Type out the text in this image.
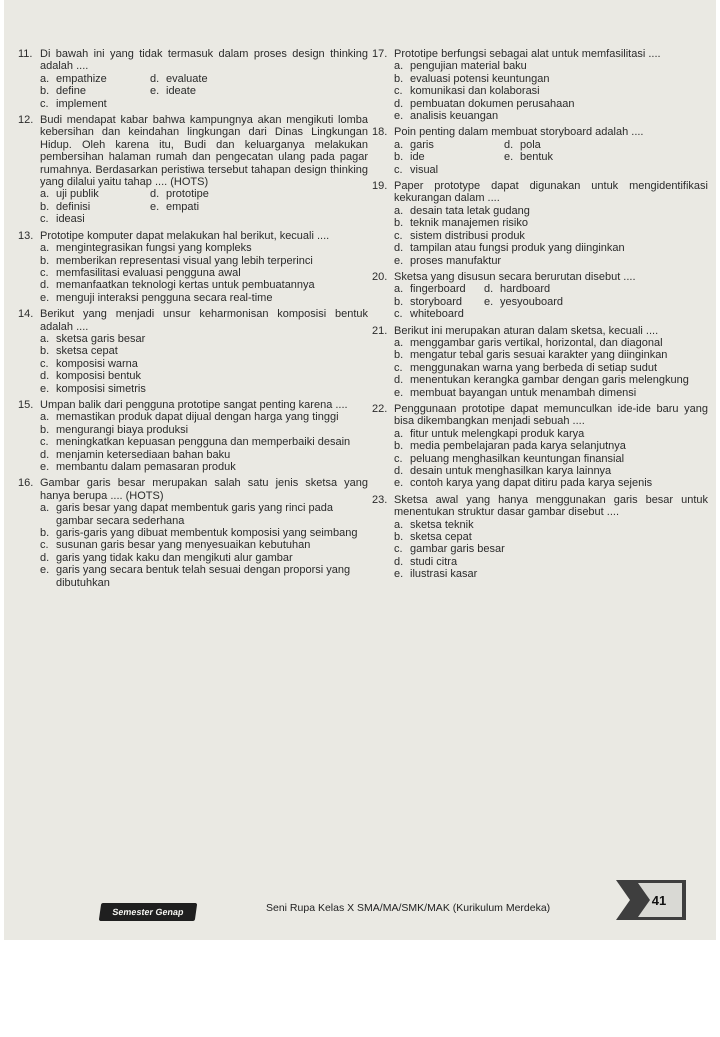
11. Di bawah ini yang tidak termasuk dalam proses design thinking adalah ....
a. empathize	d. evaluate
b. define	e. ideate
c. implement
12. Budi mendapat kabar bahwa kampungnya akan mengikuti lomba kebersihan dan keindahan lingkungan dari Dinas Lingkungan Hidup. Oleh karena itu, Budi dan keluarganya melakukan pembersihan halaman rumah dan pengecatan ulang pada pagar rumahnya. Berdasarkan peristiwa tersebut tahapan design thinking yang dilalui yaitu tahap .... (HOTS)
a. uji publik	d. prototipe
b. definisi	e. empati
c. ideasi
13. Prototipe komputer dapat melakukan hal berikut, kecuali ....
a. mengintegrasikan fungsi yang kompleks
b. memberikan representasi visual yang lebih terperinci
c. memfasilitasi evaluasi pengguna awal
d. memanfaatkan teknologi kertas untuk pembuatannya
e. menguji interaksi pengguna secara real-time
14. Berikut yang menjadi unsur keharmonisan komposisi bentuk adalah ....
a. sketsa garis besar
b. sketsa cepat
c. komposisi warna
d. komposisi bentuk
e. komposisi simetris
15. Umpan balik dari pengguna prototipe sangat penting karena ....
a. memastikan produk dapat dijual dengan harga yang tinggi
b. mengurangi biaya produksi
c. meningkatkan kepuasan pengguna dan memperbaiki desain
d. menjamin ketersediaan bahan baku
e. membantu dalam pemasaran produk
16. Gambar garis besar merupakan salah satu jenis sketsa yang hanya berupa .... (HOTS)
a. garis besar yang dapat membentuk garis yang rinci pada gambar secara sederhana
b. garis-garis yang dibuat membentuk komposisi yang seimbang
c. susunan garis besar yang menyesuaikan kebutuhan
d. garis yang tidak kaku dan mengikuti alur gambar
e. garis yang secara bentuk telah sesuai dengan proporsi yang dibutuhkan
17. Prototipe berfungsi sebagai alat untuk memfasilitasi ....
a. pengujian material baku
b. evaluasi potensi keuntungan
c. komunikasi dan kolaborasi
d. pembuatan dokumen perusahaan
e. analisis keuangan
18. Poin penting dalam membuat storyboard adalah ....
a. garis	d. pola
b. ide	e. bentuk
c. visual
19. Paper prototype dapat digunakan untuk mengidentifikasi kekurangan dalam ....
a. desain tata letak gudang
b. teknik manajemen risiko
c. sistem distribusi produk
d. tampilan atau fungsi produk yang diinginkan
e. proses manufaktur
20. Sketsa yang disusun secara berurutan disebut ....
a. fingerboard d. hardboard
b. storyboard e. yesyouboard
c. whiteboard
21. Berikut ini merupakan aturan dalam sketsa, kecuali ....
a. menggambar garis vertikal, horizontal, dan diagonal
b. mengatur tebal garis sesuai karakter yang diinginkan
c. menggunakan warna yang berbeda di setiap sudut
d. menentukan kerangka gambar dengan garis melengkung
e. membuat bayangan untuk menambah dimensi
22. Penggunaan prototipe dapat memunculkan ide-ide baru yang bisa dikembangkan menjadi sebuah ....
a. fitur untuk melengkapi produk karya
b. media pembelajaran pada karya selanjutnya
c. peluang menghasilkan keuntungan finansial
d. desain untuk menghasilkan karya lainnya
e. contoh karya yang dapat ditiru pada karya sejenis
23. Sketsa awal yang hanya menggunakan garis besar untuk menentukan struktur dasar gambar disebut ....
a. sketsa teknik
b. sketsa cepat
c. gambar garis besar
d. studi citra
e. ilustrasi kasar
Semester Genap	Seni Rupa Kelas X SMA/MA/SMK/MAK (Kurikulum Merdeka)
41
